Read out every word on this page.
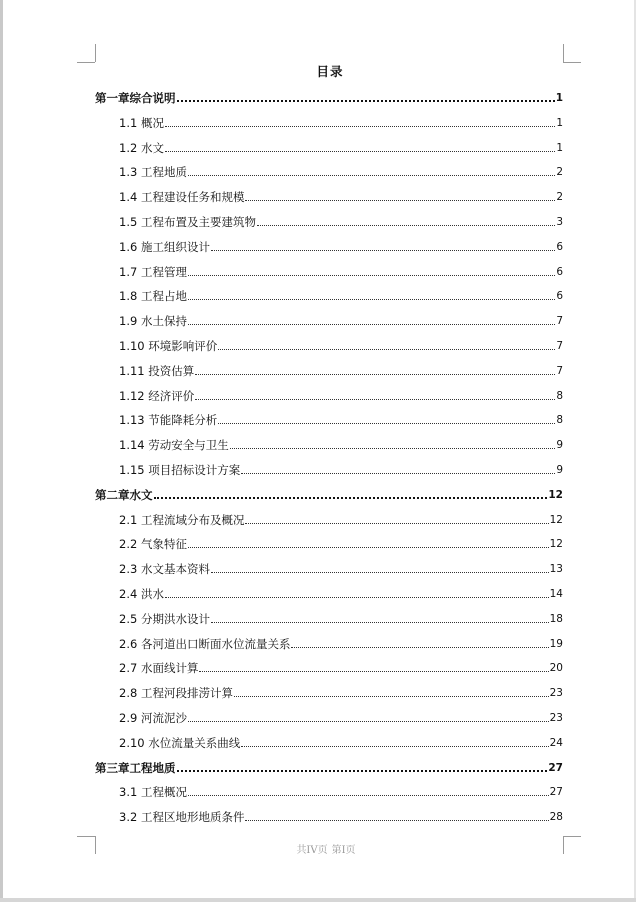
目录
第一章综合说明	1
1.1 概况	1
1.2 水文	1
1.3 工程地质	2
1.4 工程建设任务和规模	2
1.5 工程布置及主要建筑物	3
1.6 施工组织设计	6
1.7 工程管理	6
1.8 工程占地	6
1.9 水土保持	7
1.10 环境影响评价	7
1.11 投资估算	7
1.12 经济评价	8
1.13 节能降耗分析	8
1.14 劳动安全与卫生	9
1.15 项目招标设计方案	9
第二章水文	12
2.1 工程流域分布及概况	12
2.2 气象特征	12
2.3 水文基本资料	13
2.4 洪水	14
2.5 分期洪水设计	18
2.6 各河道出口断面水位流量关系	19
2.7 水面线计算	20
2.8 工程河段排涝计算	23
2.9 河流泥沙	23
2.10 水位流量关系曲线	24
第三章工程地质	27
3.1 工程概况	27
3.2 工程区地形地质条件	28
共IV页 第I页
